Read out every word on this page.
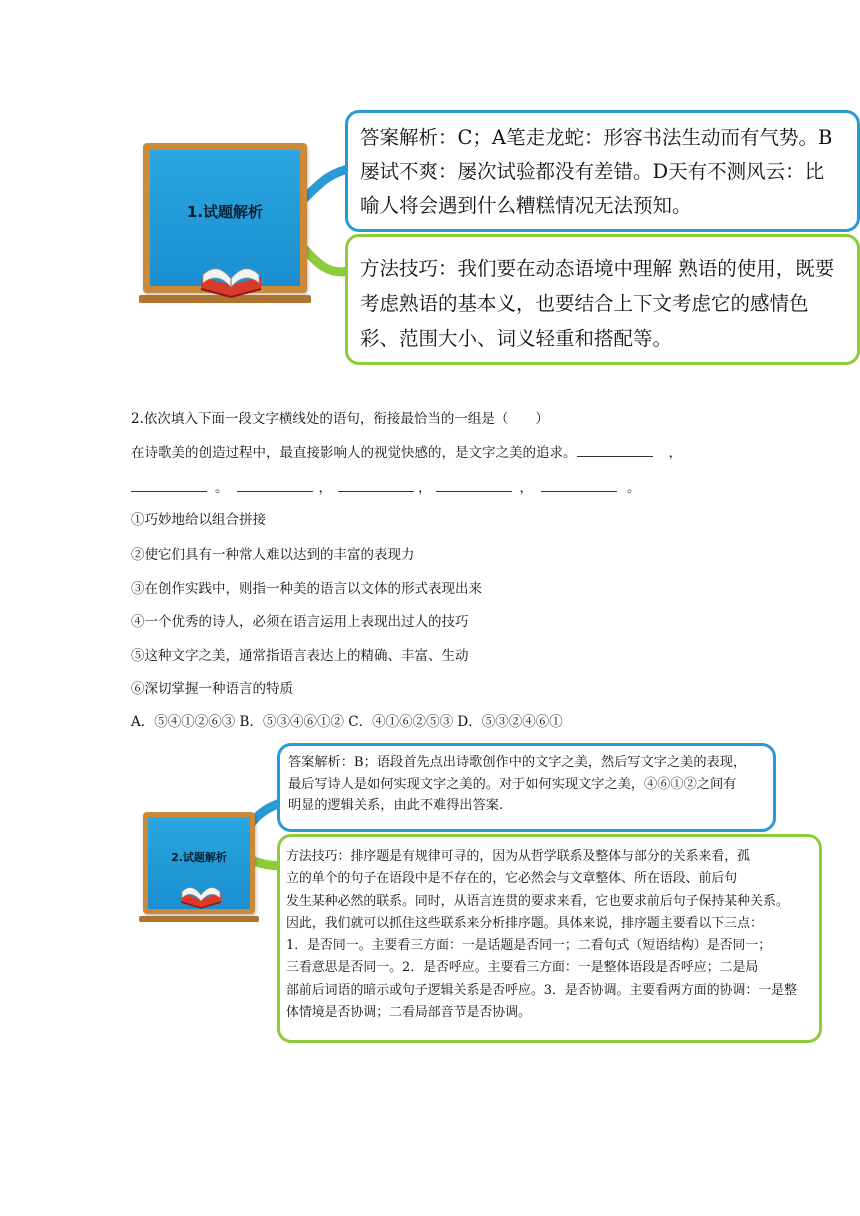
1.试题解析
答案解析：C；A笔走龙蛇：形容书法生动而有气势。B
屡试不爽：屡次试验都没有差错。D天有不测风云：比
喻人将会遇到什么糟糕情况无法预知。
方法技巧：我们要在动态语境中理解 熟语的使用，既要
考虑熟语的基本义，也要结合上下文考虑它的感情色
彩、范围大小、词义轻重和搭配等。
2.依次填入下面一段文字横线处的语句，衔接最恰当的一组是（　　）
在诗歌美的创造过程中，最直接影响人的视觉快感的，是文字之美的追求。	，
。	，	，	，	。
①巧妙地给以组合拼接
②使它们具有一种常人难以达到的丰富的表现力
③在创作实践中，则指一种美的语言以文体的形式表现出来
④一个优秀的诗人，必须在语言运用上表现出过人的技巧
⑤这种文字之美，通常指语言表达上的精确、丰富、生动
⑥深切掌握一种语言的特质
A．⑤④①②⑥③ B．⑤③④⑥①② C．④①⑥②⑤③ D．⑤③②④⑥①
2.试题解析
答案解析：B；语段首先点出诗歌创作中的文字之美，然后写文字之美的表现，
最后写诗人是如何实现文字之美的。对于如何实现文字之美，④⑥①②之间有
明显的逻辑关系，由此不难得出答案.
方法技巧：排序题是有规律可寻的，因为从哲学联系及整体与部分的关系来看，孤
立的单个的句子在语段中是不存在的，它必然会与文章整体、所在语段、前后句
发生某种必然的联系。同时，从语言连贯的要求来看，它也要求前后句子保持某种关系。
因此，我们就可以抓住这些联系来分析排序题。具体来说，排序题主要看以下三点：
1．是否同一。主要看三方面：一是话题是否同一；二看句式（短语结构）是否同一；
三看意思是否同一。2．是否呼应。主要看三方面：一是整体语段是否呼应；二是局
部前后词语的暗示或句子逻辑关系是否呼应。3．是否协调。主要看两方面的协调：一是整
体情境是否协调；二看局部音节是否协调。
